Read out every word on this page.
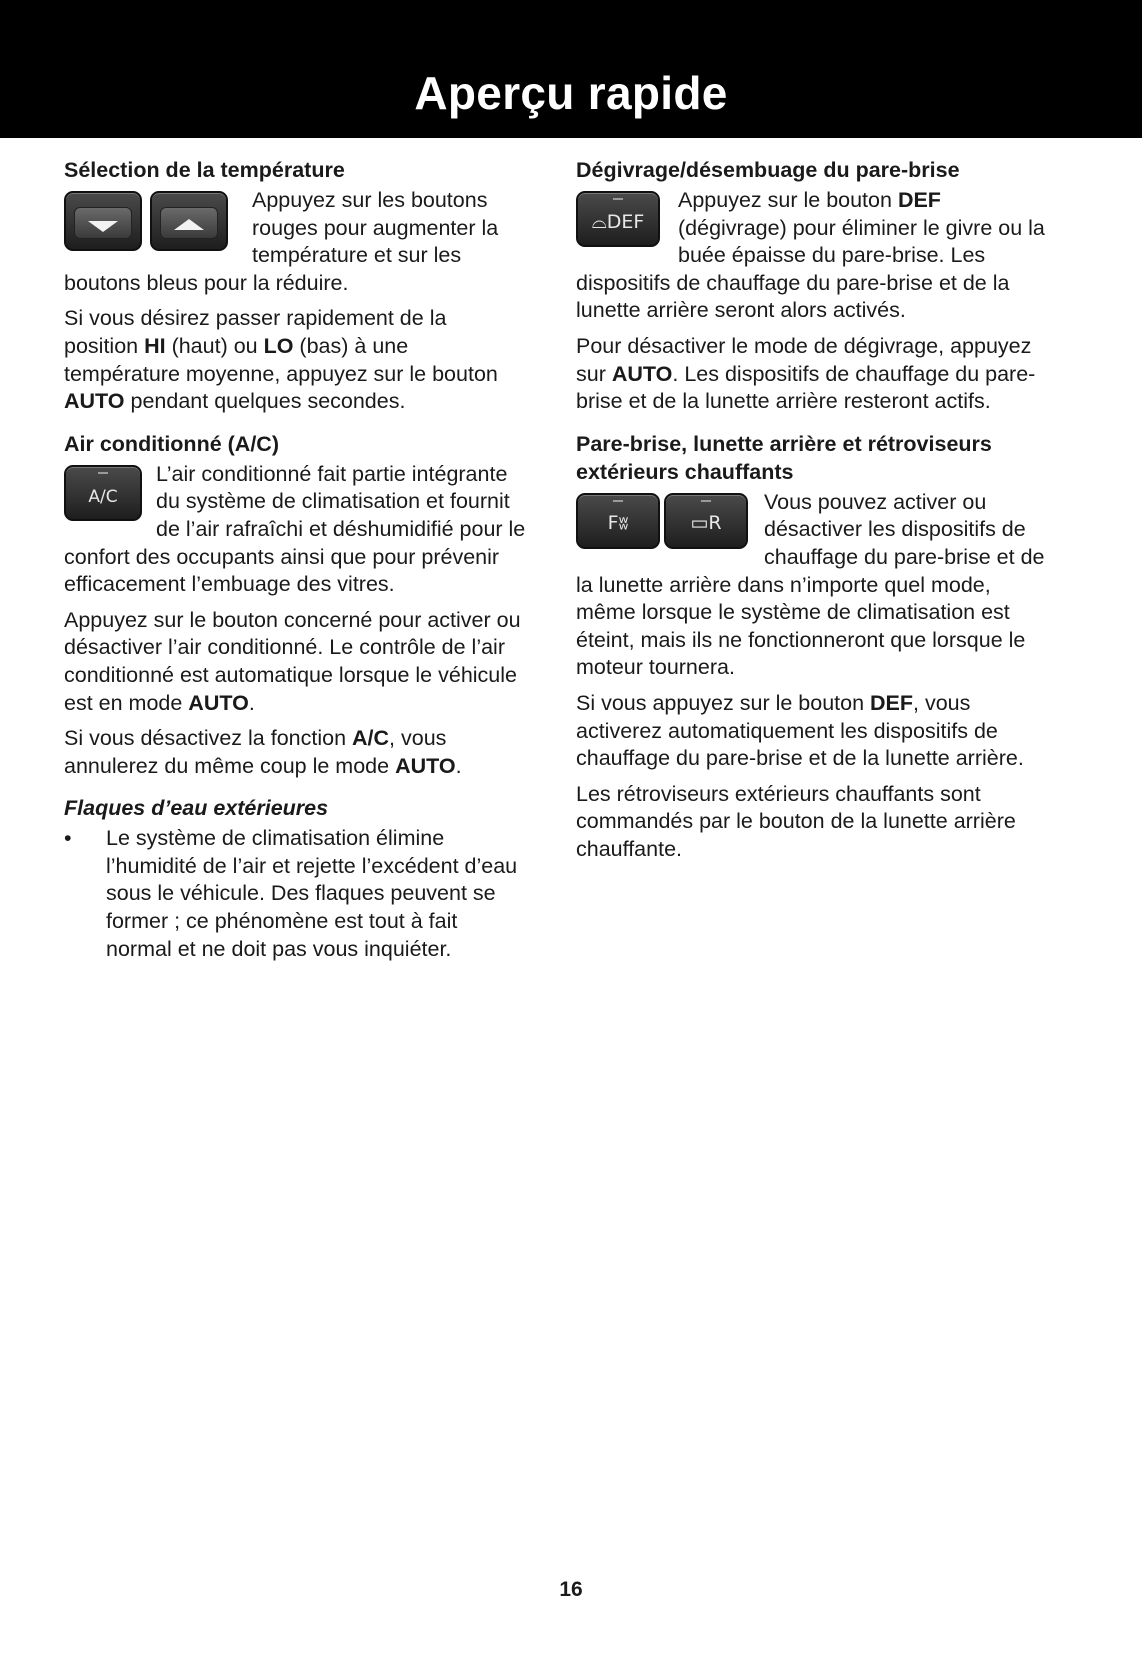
Aperçu rapide
Sélection de la température

Appuyez sur les boutons rouges pour augmenter la température et sur les boutons bleus pour la réduire.

Si vous désirez passer rapidement de la position HI (haut) ou LO (bas) à une température moyenne, appuyez sur le bouton AUTO pendant quelques secondes.

Air conditionné (A/C)
A/C

L’air conditionné fait partie intégrante du système de climatisation et fournit de l’air rafraîchi et déshumidifié pour le confort des occupants ainsi que pour prévenir efficacement l’embuage des vitres.

Appuyez sur le bouton concerné pour activer ou désactiver l’air conditionné. Le contrôle de l’air conditionné est automatique lorsque le véhicule est en mode AUTO.

Si vous désactivez la fonction A/C, vous annulerez du même coup le mode AUTO.

Flaques d’eau extérieures
• Le système de climatisation élimine l’humidité de l’air et rejette l’excédent d’eau sous le véhicule. Des flaques peuvent se former ; ce phénomène est tout à fait normal et ne doit pas vous inquiéter.
Dégivrage/désembuage du pare-brise
⌓DEF

Appuyez sur le bouton DEF (dégivrage) pour éliminer le givre ou la buée épaisse du pare-brise. Les dispositifs de chauffage du pare-brise et de la lunette arrière seront alors activés.

Pour désactiver le mode de dégivrage, appuyez sur AUTO. Les dispositifs de chauffage du pare-brise et de la lunette arrière resteront actifs.

Pare-brise, lunette arrière et rétroviseurs extérieurs chauffants
Fʬ	▭R

Vous pouvez activer ou désactiver les dispositifs de chauffage du pare-brise et de la lunette arrière dans n’importe quel mode, même lorsque le système de climatisation est éteint, mais ils ne fonctionneront que lorsque le moteur tournera.

Si vous appuyez sur le bouton DEF, vous activerez automatiquement les dispositifs de chauffage du pare-brise et de la lunette arrière.

Les rétroviseurs extérieurs chauffants sont commandés par le bouton de la lunette arrière chauffante.

16
